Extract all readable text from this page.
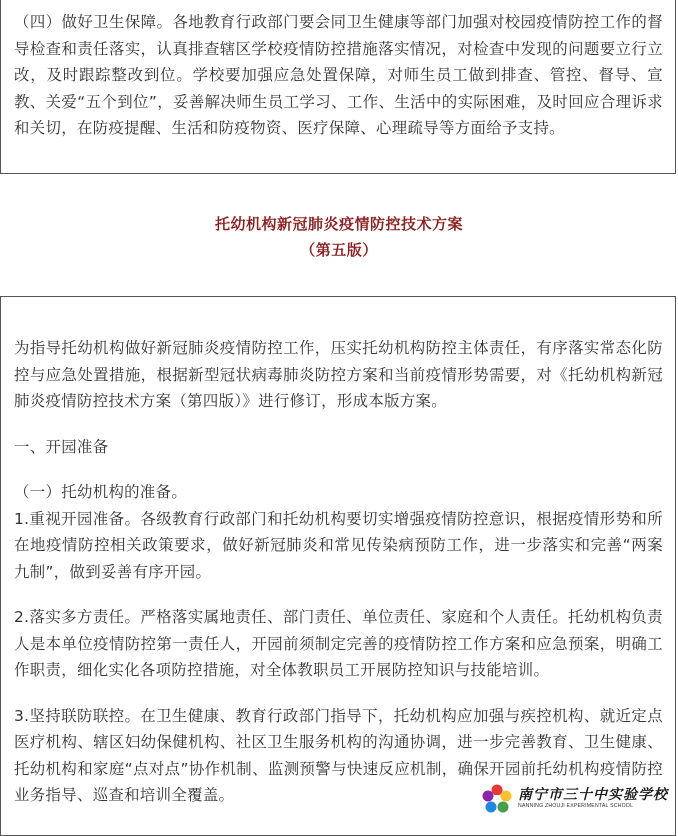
（四）做好卫生保障。各地教育行政部门要会同卫生健康等部门加强对校园疫情防控工作的督导检查和责任落实，认真排查辖区学校疫情防控措施落实情况，对检查中发现的问题要立行立改，及时跟踪整改到位。学校要加强应急处置保障，对师生员工做到排查、管控、督导、宣教、关爱“五个到位”，妥善解决师生员工学习、工作、生活中的实际困难，及时回应合理诉求和关切，在防疫提醒、生活和防疫物资、医疗保障、心理疏导等方面给予支持。

托幼机构新冠肺炎疫情防控技术方案
（第五版）

为指导托幼机构做好新冠肺炎疫情防控工作，压实托幼机构防控主体责任，有序落实常态化防控与应急处置措施，根据新型冠状病毒肺炎防控方案和当前疫情形势需要，对《托幼机构新冠肺炎疫情防控技术方案（第四版）》进行修订，形成本版方案。

一、开园准备

（一）托幼机构的准备。

1.重视开园准备。各级教育行政部门和托幼机构要切实增强疫情防控意识，根据疫情形势和所在地疫情防控相关政策要求，做好新冠肺炎和常见传染病预防工作，进一步落实和完善“两案九制”，做到妥善有序开园。

2.落实多方责任。严格落实属地责任、部门责任、单位责任、家庭和个人责任。托幼机构负责人是本单位疫情防控第一责任人，开园前须制定完善的疫情防控工作方案和应急预案，明确工作职责，细化实化各项防控措施，对全体教职员工开展防控知识与技能培训。

3.坚持联防联控。在卫生健康、教育行政部门指导下，托幼机构应加强与疾控机构、就近定点医疗机构、辖区妇幼保健机构、社区卫生服务机构的沟通协调，进一步完善教育、卫生健康、托幼机构和家庭“点对点”协作机制、监测预警与快速反应机制，确保开园前托幼机构疫情防控业务指导、巡查和培训全覆盖。	南宁市三十中实验学校
NANNING ZHOUJI EXPERIMENTAL SCHOOL
